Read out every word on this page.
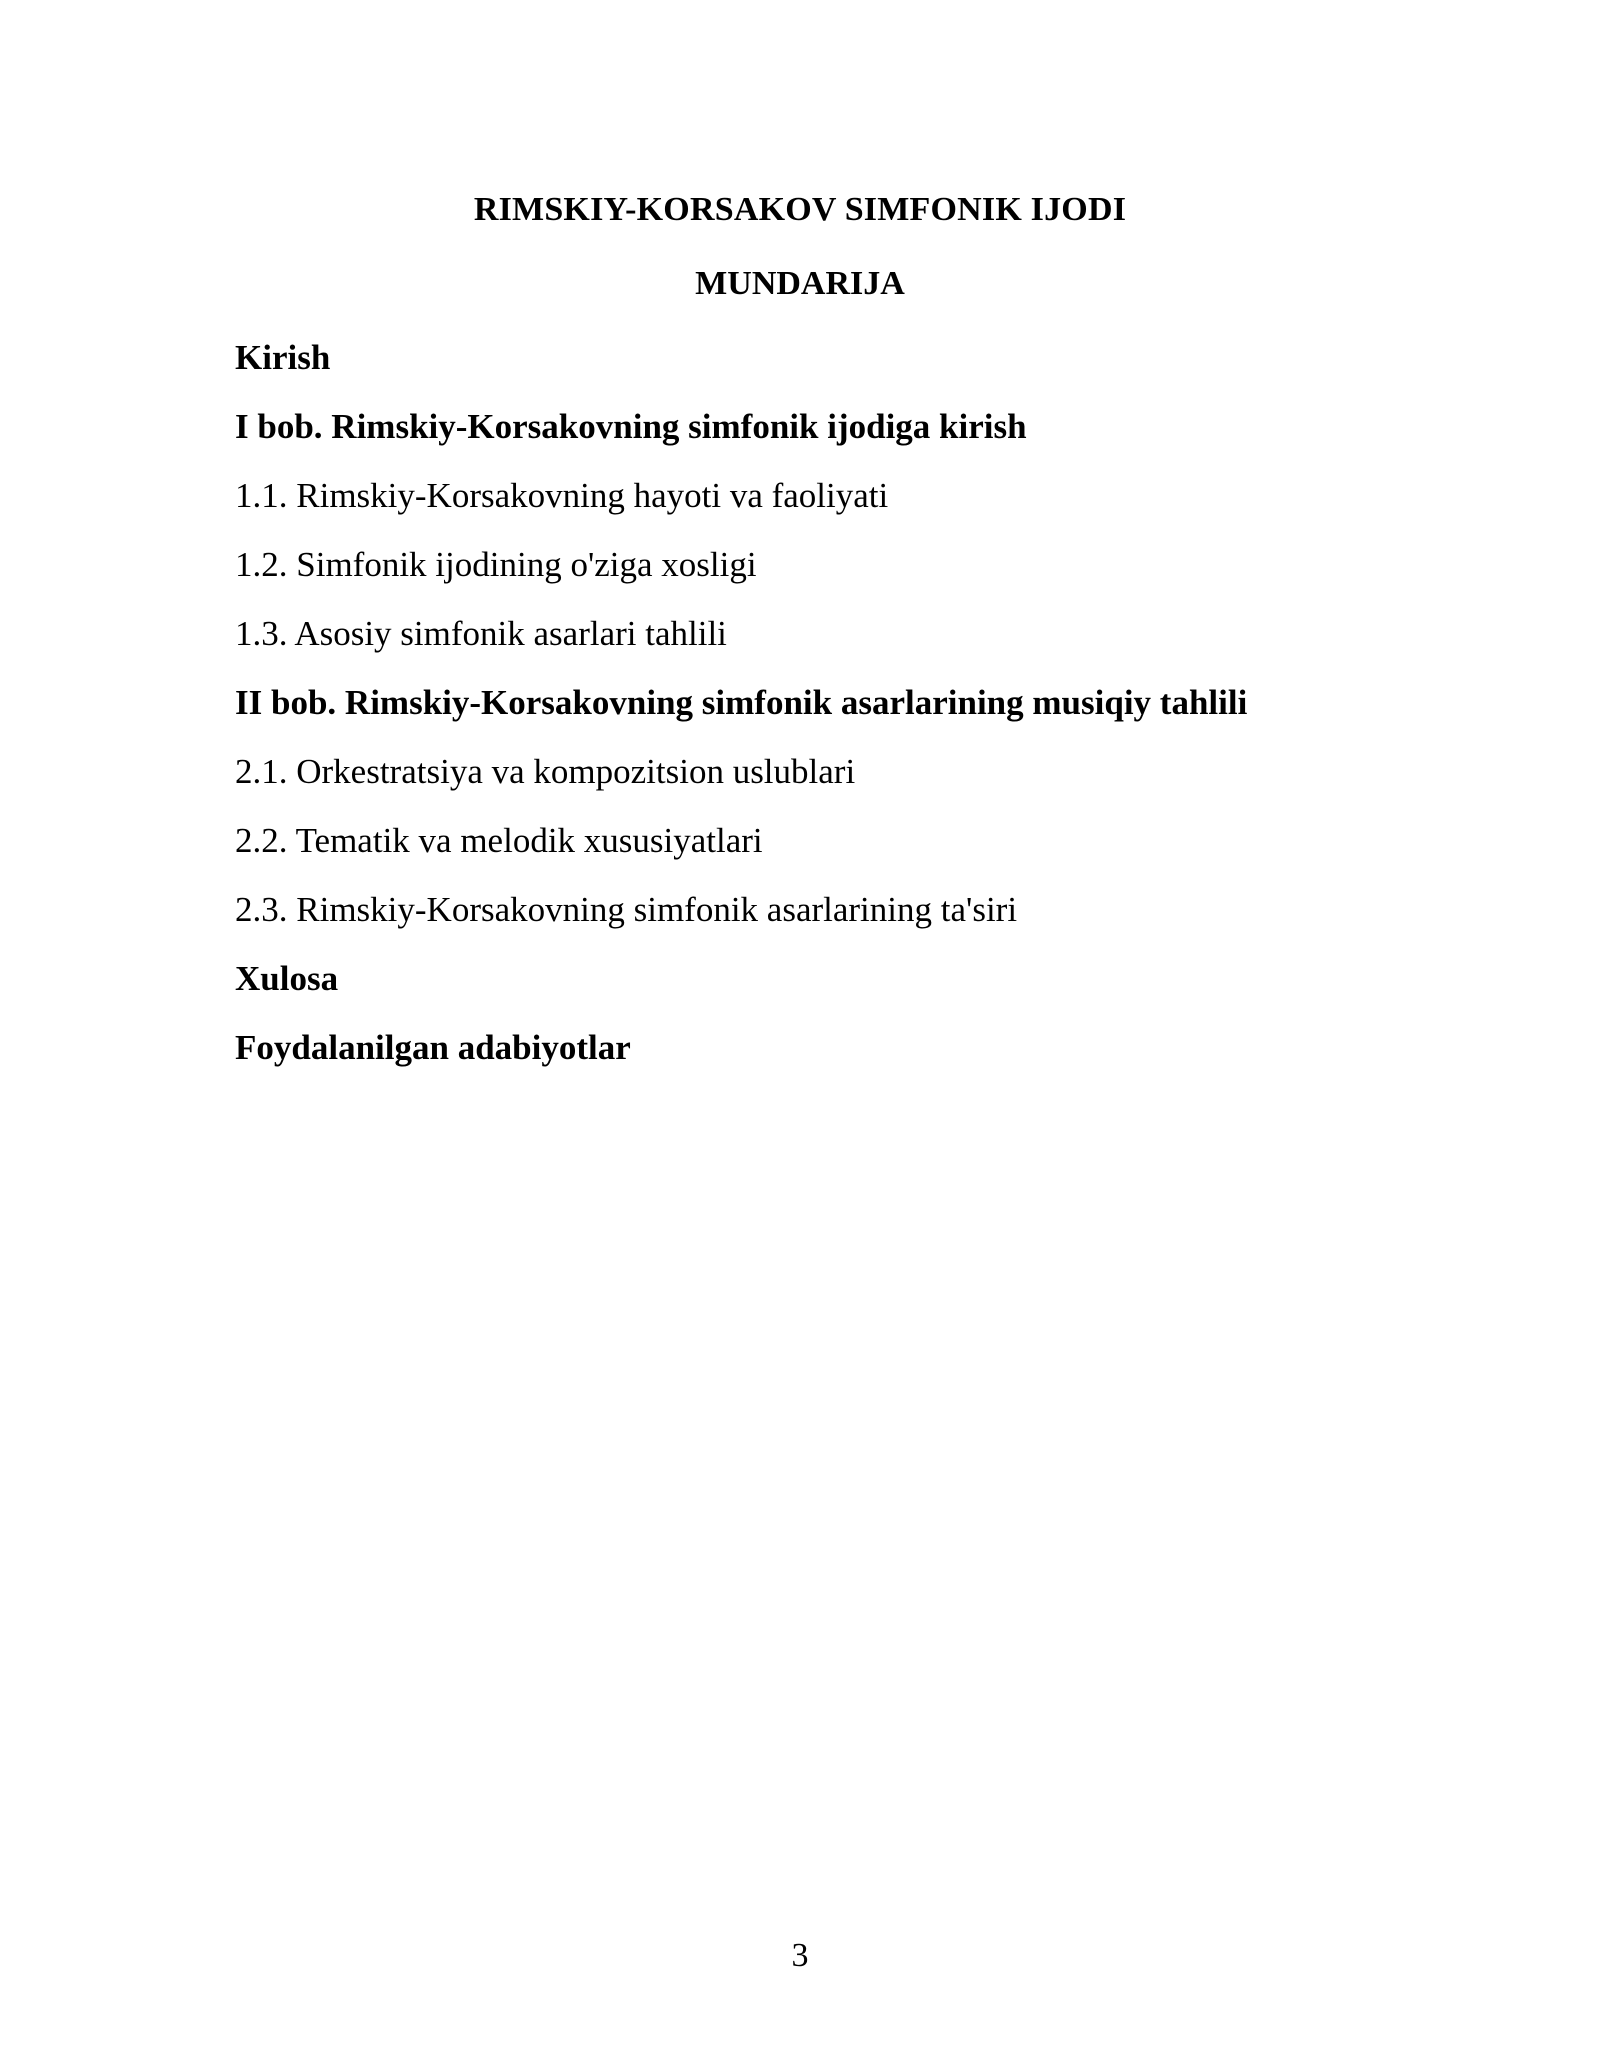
RIMSKIY-KORSAKOV SIMFONIK IJODI
MUNDARIJA
Kirish
I bob. Rimskiy-Korsakovning simfonik ijodiga kirish
1.1. Rimskiy-Korsakovning hayoti va faoliyati
1.2. Simfonik ijodining o'ziga xosligi
1.3. Asosiy simfonik asarlari tahlili
II bob. Rimskiy-Korsakovning simfonik asarlarining musiqiy tahlili
2.1. Orkestratsiya va kompozitsion uslublari
2.2. Tematik va melodik xususiyatlari
2.3. Rimskiy-Korsakovning simfonik asarlarining ta'siri
Xulosa
Foydalanilgan adabiyotlar
3
